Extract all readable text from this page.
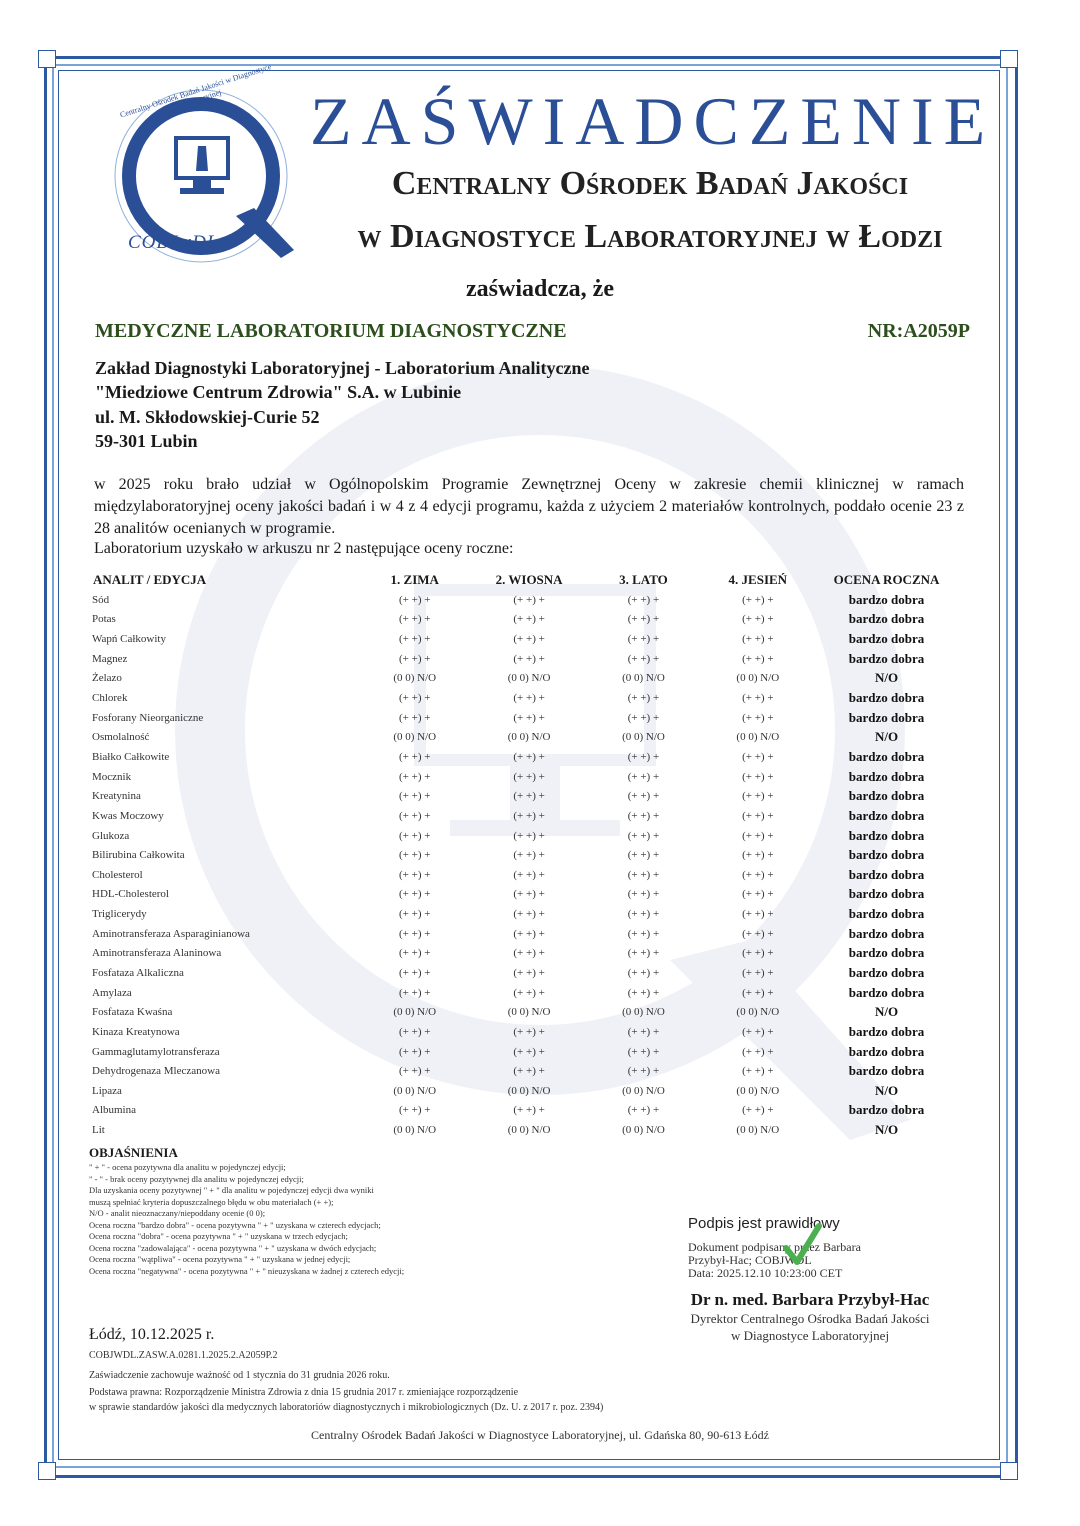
Centralny Ośrodek Badań Jakości w Diagnostyce Laboratoryjnej
COBJwDL
ZAŚWIADCZENIE
Centralny Ośrodek Badań Jakości
w Diagnostyce Laboratoryjnej w Łodzi
zaświadcza, że
MEDYCZNE LABORATORIUM DIAGNOSTYCZNE	NR:A2059P
Zakład Diagnostyki Laboratoryjnej - Laboratorium Analityczne
"Miedziowe Centrum Zdrowia" S.A. w Lubinie
ul. M. Skłodowskiej-Curie 52
59-301 Lubin
w 2025 roku brało udział w Ogólnopolskim Programie Zewnętrznej Oceny w zakresie chemii klinicznej w ramach międzylaboratoryjnej oceny jakości badań i w 4 z 4 edycji programu, każda z użyciem 2 materiałów kontrolnych, poddało ocenie 23 z 28 analitów ocenianych w programie.
Laboratorium uzyskało w arkuszu nr 2 następujące oceny roczne:
ANALIT / EDYCJA	1. ZIMA	2. WIOSNA	3. LATO	4. JESIEŃ	OCENA ROCZNA
Sód	(+ +) +	(+ +) +	(+ +) +	(+ +) +	bardzo dobra
Potas	(+ +) +	(+ +) +	(+ +) +	(+ +) +	bardzo dobra
Wapń Całkowity	(+ +) +	(+ +) +	(+ +) +	(+ +) +	bardzo dobra
Magnez	(+ +) +	(+ +) +	(+ +) +	(+ +) +	bardzo dobra
Żelazo	(0 0) N/O	(0 0) N/O	(0 0) N/O	(0 0) N/O	N/O
Chlorek	(+ +) +	(+ +) +	(+ +) +	(+ +) +	bardzo dobra
Fosforany Nieorganiczne	(+ +) +	(+ +) +	(+ +) +	(+ +) +	bardzo dobra
Osmolalność	(0 0) N/O	(0 0) N/O	(0 0) N/O	(0 0) N/O	N/O
Białko Całkowite	(+ +) +	(+ +) +	(+ +) +	(+ +) +	bardzo dobra
Mocznik	(+ +) +	(+ +) +	(+ +) +	(+ +) +	bardzo dobra
Kreatynina	(+ +) +	(+ +) +	(+ +) +	(+ +) +	bardzo dobra
Kwas Moczowy	(+ +) +	(+ +) +	(+ +) +	(+ +) +	bardzo dobra
Glukoza	(+ +) +	(+ +) +	(+ +) +	(+ +) +	bardzo dobra
Bilirubina Całkowita	(+ +) +	(+ +) +	(+ +) +	(+ +) +	bardzo dobra
Cholesterol	(+ +) +	(+ +) +	(+ +) +	(+ +) +	bardzo dobra
HDL-Cholesterol	(+ +) +	(+ +) +	(+ +) +	(+ +) +	bardzo dobra
Triglicerydy	(+ +) +	(+ +) +	(+ +) +	(+ +) +	bardzo dobra
Aminotransferaza Asparaginianowa	(+ +) +	(+ +) +	(+ +) +	(+ +) +	bardzo dobra
Aminotransferaza Alaninowa	(+ +) +	(+ +) +	(+ +) +	(+ +) +	bardzo dobra
Fosfataza Alkaliczna	(+ +) +	(+ +) +	(+ +) +	(+ +) +	bardzo dobra
Amylaza	(+ +) +	(+ +) +	(+ +) +	(+ +) +	bardzo dobra
Fosfataza Kwaśna	(0 0) N/O	(0 0) N/O	(0 0) N/O	(0 0) N/O	N/O
Kinaza Kreatynowa	(+ +) +	(+ +) +	(+ +) +	(+ +) +	bardzo dobra
Gammaglutamylotransferaza	(+ +) +	(+ +) +	(+ +) +	(+ +) +	bardzo dobra
Dehydrogenaza Mleczanowa	(+ +) +	(+ +) +	(+ +) +	(+ +) +	bardzo dobra
Lipaza	(0 0) N/O	(0 0) N/O	(0 0) N/O	(0 0) N/O	N/O
Albumina	(+ +) +	(+ +) +	(+ +) +	(+ +) +	bardzo dobra
Lit	(0 0) N/O	(0 0) N/O	(0 0) N/O	(0 0) N/O	N/O
OBJAŚNIENIA
" + " - ocena pozytywna dla analitu w pojedynczej edycji;
" - " - brak oceny pozytywnej dla analitu w pojedynczej edycji;
Dla uzyskania oceny pozytywnej " + " dla analitu w pojedynczej edycji dwa wyniki
muszą spełniać kryteria dopuszczalnego błędu w obu materiałach (+ +);
N/O - analit nieoznaczany/niepoddany ocenie (0 0);
Ocena roczna "bardzo dobra" - ocena pozytywna " + " uzyskana w czterech edycjach;
Ocena roczna "dobra" - ocena pozytywna " + " uzyskana w trzech edycjach;
Ocena roczna "zadowalająca" - ocena pozytywna " + " uzyskana w dwóch edycjach;
Ocena roczna "wątpliwa" - ocena pozytywna " + " uzyskana w jednej edycji;
Ocena roczna "negatywna" - ocena pozytywna " + " nieuzyskana w żadnej z czterech edycji;
Podpis jest prawidłowy
Dokument podpisany przez Barbara
Przybył-Hac; COBJWDL
Data: 2025.12.10 10:23:00 CET
Dr n. med. Barbara Przybył-Hac
Dyrektor Centralnego Ośrodka Badań Jakości
w Diagnostyce Laboratoryjnej
Łódź, 10.12.2025 r.
COBJWDL.ZASW.A.0281.1.2025.2.A2059P.2
Zaświadczenie zachowuje ważność od 1 stycznia do 31 grudnia 2026 roku.
Podstawa prawna: Rozporządzenie Ministra Zdrowia z dnia 15 grudnia 2017 r. zmieniające rozporządzenie
w sprawie standardów jakości dla medycznych laboratoriów diagnostycznych i mikrobiologicznych (Dz. U. z 2017 r. poz. 2394)
Centralny Ośrodek Badań Jakości w Diagnostyce Laboratoryjnej, ul. Gdańska 80, 90-613 Łódź
